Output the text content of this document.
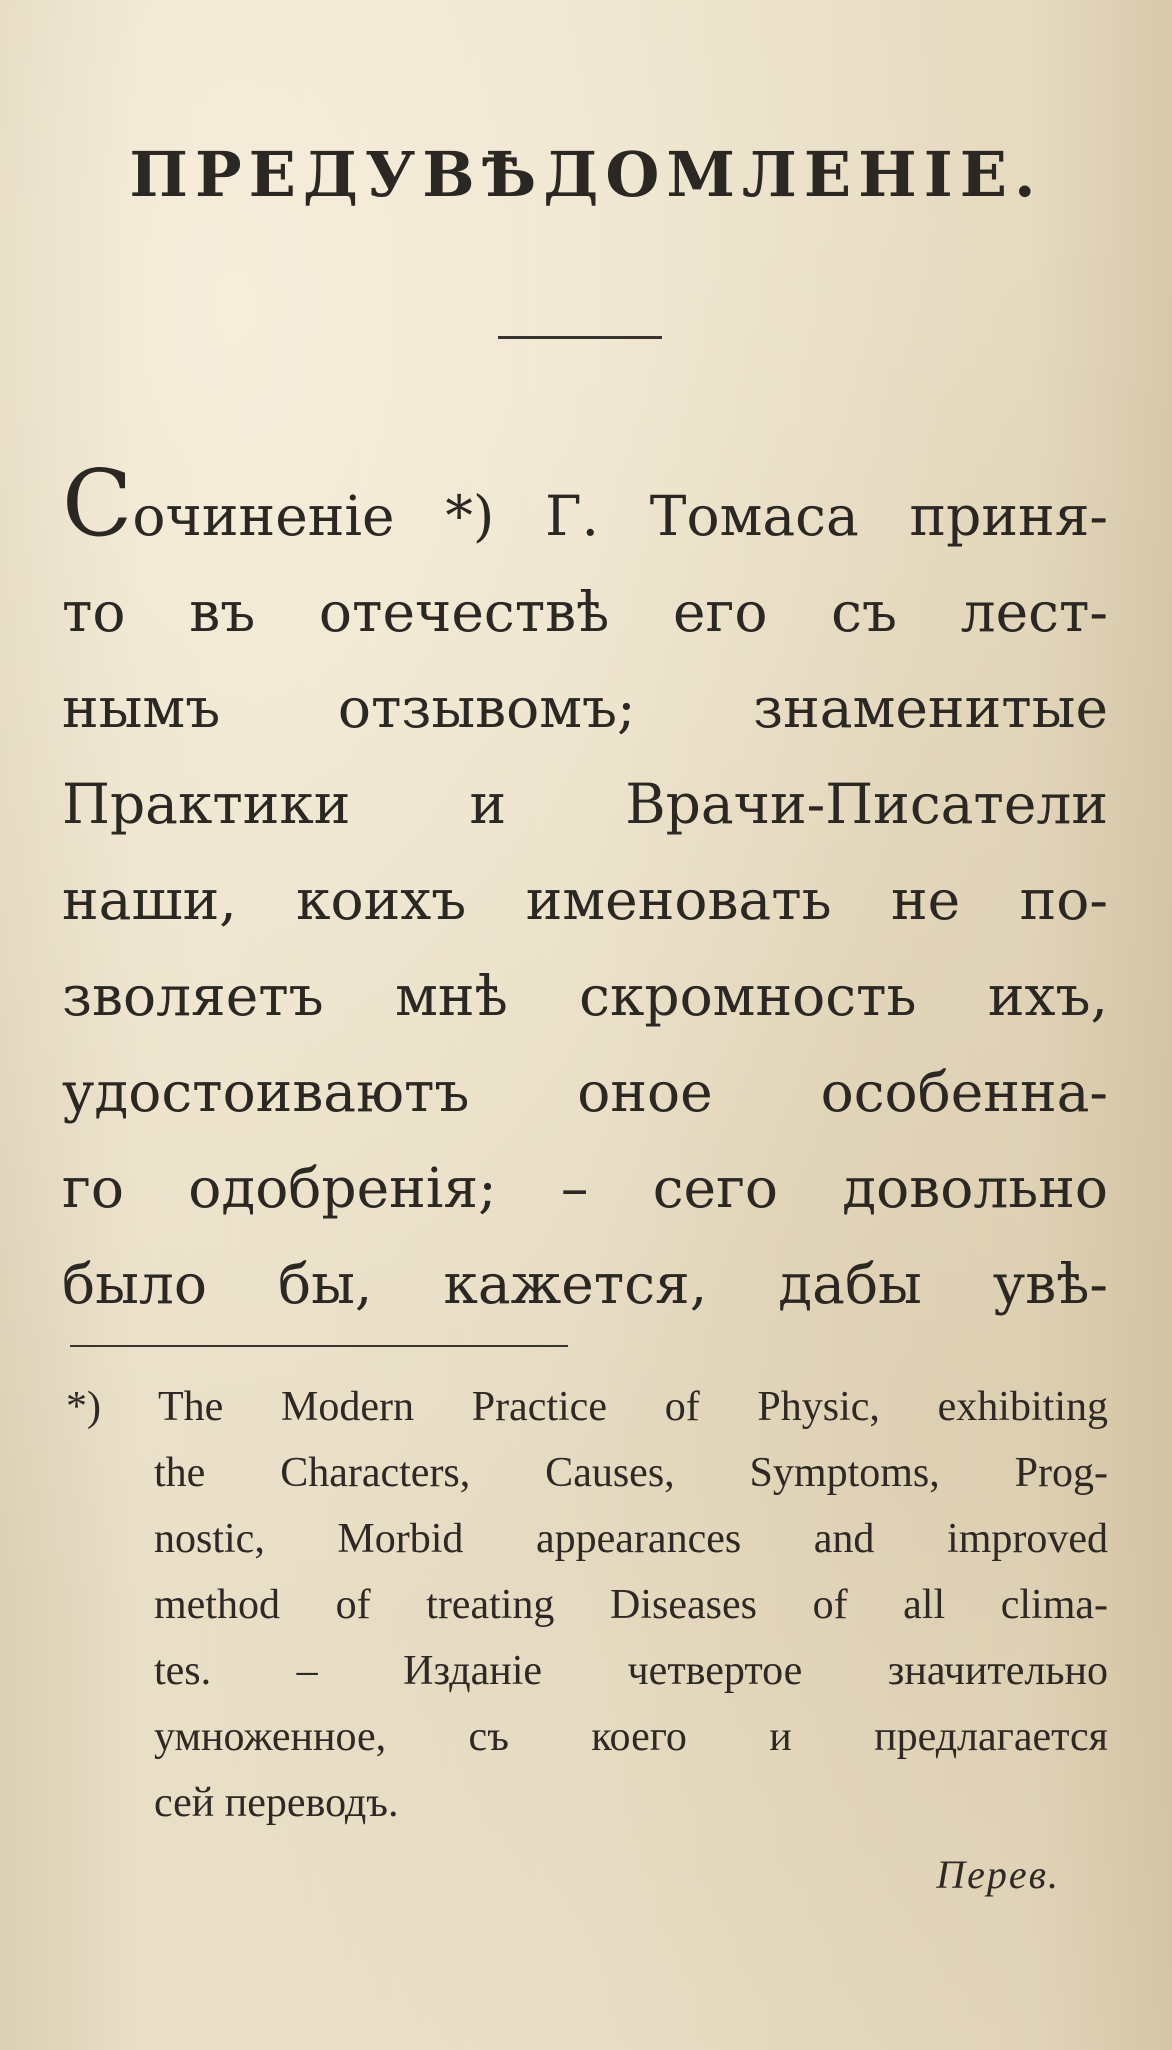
ПРЕДУВѢДОМЛЕНІЕ.
Сочиненіе *) Г. Томаса приня-
то въ отечествѣ его съ лест-
нымъ отзывомъ; знаменитые
Практики и Врачи-Писатели
наши, коихъ именовать не по-
зволяетъ мнѣ скромность ихъ,
удостоиваютъ оное особенна-
го одобренія; – сего довольно
было бы, кажется, дабы увѣ-
*) The Modern Practice of Physic, exhibiting
the Characters, Causes, Symptoms, Prog-
nostic, Morbid appearances and improved
method of treating Diseases of all clima-
tes. – Изданіе четвертое значительно
умноженное, съ коего и предлагается
сей переводъ.
Перев.
